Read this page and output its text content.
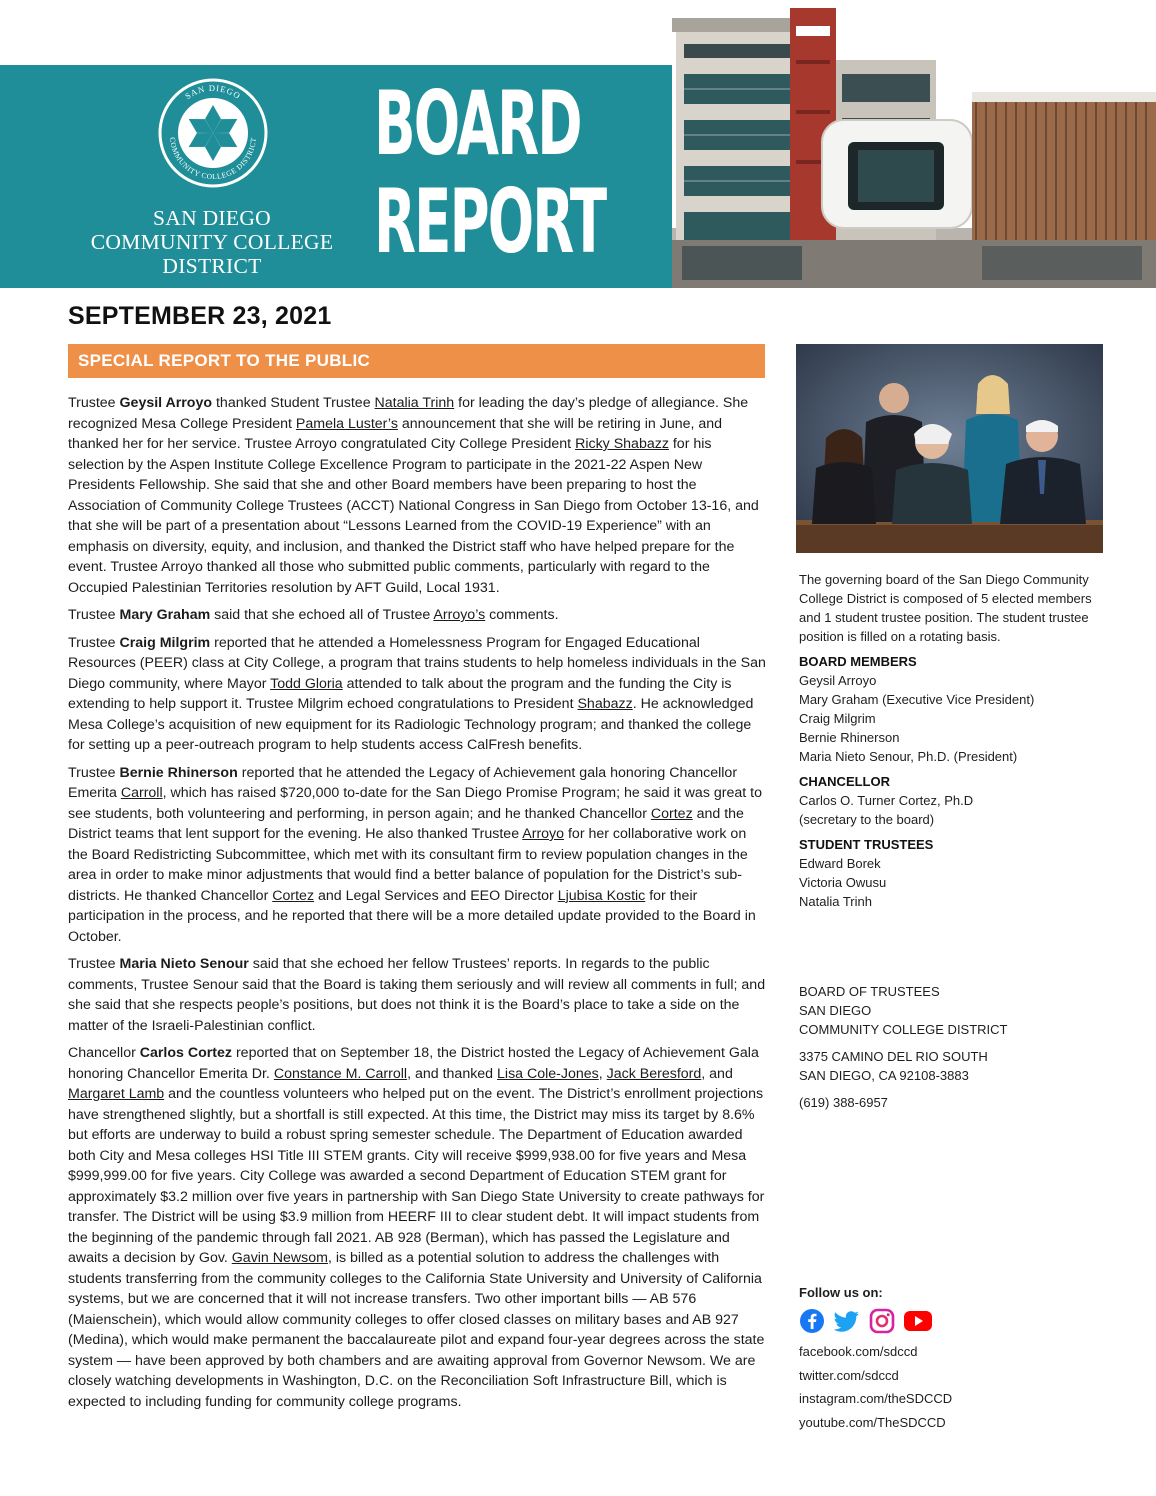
SAN DIEGO
COMMUNITY COLLEGE DISTRICT
SAN DIEGO
COMMUNITY COLLEGE
DISTRICT
BOARD
REPORT
SEPTEMBER 23, 2021
SPECIAL REPORT TO THE PUBLIC

Trustee Geysil Arroyo thanked Student Trustee Natalia Trinh for leading the day’s pledge of allegiance. She recognized Mesa College President Pamela Luster’s announcement that she will be retiring in June, and thanked her for her service. Trustee Arroyo congratulated City College President Ricky Shabazz for his selection by the Aspen Institute College Excellence Program to participate in the 2021-22 Aspen New Presidents Fellowship. She said that she and other Board members have been preparing to host the Association of Community College Trustees (ACCT) National Congress in San Diego from October 13-16, and that she will be part of a presentation about “Lessons Learned from the COVID-19 Experience” with an emphasis on diversity, equity, and inclusion, and thanked the District staff who have helped prepare for the event. Trustee Arroyo thanked all those who submitted public comments, particularly with regard to the Occupied Palestinian Territories resolution by AFT Guild, Local 1931.

Trustee Mary Graham said that she echoed all of Trustee Arroyo’s comments.

Trustee Craig Milgrim reported that he attended a Homelessness Program for Engaged Educational Resources (PEER) class at City College, a program that trains students to help homeless individuals in the San Diego community, where Mayor Todd Gloria attended to talk about the program and the funding the City is extending to help support it. Trustee Milgrim echoed congratulations to President Shabazz. He acknowledged Mesa College’s acquisition of new equipment for its Radiologic Technology program; and thanked the college for setting up a peer-outreach program to help students access CalFresh benefits.

Trustee Bernie Rhinerson reported that he attended the Legacy of Achievement gala honoring Chancellor Emerita Carroll, which has raised $720,000 to-date for the San Diego Promise Program; he said it was great to see students, both volunteering and performing, in person again; and he thanked Chancellor Cortez and the District teams that lent support for the evening. He also thanked Trustee Arroyo for her collaborative work on the Board Redistricting Subcommittee, which met with its consultant firm to review population changes in the area in order to make minor adjustments that would find a better balance of population for the District’s sub-districts. He thanked Chancellor Cortez and Legal Services and EEO Director Ljubisa Kostic for their participation in the process, and he reported that there will be a more detailed update provided to the Board in October.

Trustee Maria Nieto Senour said that she echoed her fellow Trustees’ reports. In regards to the public comments, Trustee Senour said that the Board is taking them seriously and will review all comments in full; and she said that she respects people’s positions, but does not think it is the Board’s place to take a side on the matter of the Israeli-Palestinian conflict.

Chancellor Carlos Cortez reported that on September 18, the District hosted the Legacy of Achievement Gala honoring Chancellor Emerita Dr. Constance M. Carroll, and thanked Lisa Cole-Jones, Jack Beresford, and Margaret Lamb and the countless volunteers who helped put on the event. The District’s enrollment projections have strengthened slightly, but a shortfall is still expected. At this time, the District may miss its target by 8.6% but efforts are underway to build a robust spring semester schedule. The Department of Education awarded both City and Mesa colleges HSI Title III STEM grants. City will receive $999,938.00 for five years and Mesa $999,999.00 for five years. City College was awarded a second Department of Education STEM grant for approximately $3.2 million over five years in partnership with San Diego State University to create pathways for transfer. The District will be using $3.9 million from HEERF III to clear student debt. It will impact students from the beginning of the pandemic through fall 2021. AB 928 (Berman), which has passed the Legislature and awaits a decision by Gov. Gavin Newsom, is billed as a potential solution to address the challenges with students transferring from the community colleges to the California State University and University of California systems, but we are concerned that it will not increase transfers. Two other important bills — AB 576 (Maienschein), which would allow community colleges to offer closed classes on military bases and AB 927 (Medina), which would make permanent the baccalaureate pilot and expand four-year degrees across the state system — have been approved by both chambers and are awaiting approval from Governor Newsom. We are closely watching developments in Washington, D.C. on the Reconciliation Soft Infrastructure Bill, which is expected to including funding for community college programs.

The governing board of the San Diego Community College District is composed of 5 elected members and 1 student trustee position. The student trustee position is filled on a rotating basis.

BOARD MEMBERS
Geysil Arroyo
Mary Graham (Executive Vice President)
Craig Milgrim
Bernie Rhinerson
Maria Nieto Senour, Ph.D. (President)
CHANCELLOR
Carlos O. Turner Cortez, Ph.D
(secretary to the board)
STUDENT TRUSTEES
Edward Borek
Victoria Owusu
Natalia Trinh
BOARD OF TRUSTEES
SAN DIEGO
COMMUNITY COLLEGE DISTRICT
3375 CAMINO DEL RIO SOUTH
SAN DIEGO, CA 92108-3883
(619) 388-6957
Follow us on:
facebook.com/sdccd
twitter.com/sdccd
instagram.com/theSDCCD
youtube.com/TheSDCCD
